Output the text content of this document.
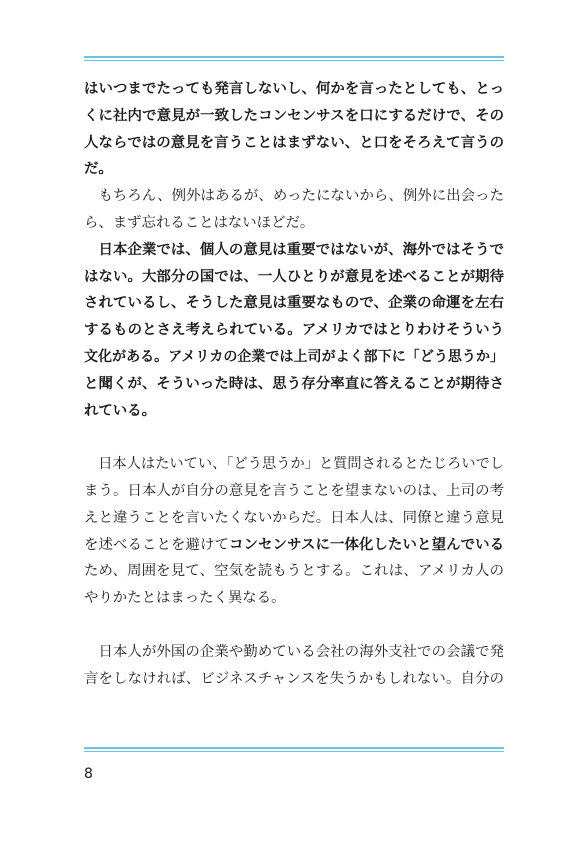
はいつまでたっても発言しないし、何かを言ったとしても、とっ
くに社内で意見が一致したコンセンサスを口にするだけで、その
人ならではの意見を言うことはまずない、と口をそろえて言うの
だ。
　もちろん、例外はあるが、めったにないから、例外に出会った
ら、まず忘れることはないほどだ。
　日本企業では、個人の意見は重要ではないが、海外ではそうで
はない。大部分の国では、一人ひとりが意見を述べることが期待
されているし、そうした意見は重要なもので、企業の命運を左右
するものとさえ考えられている。アメリカではとりわけそういう
文化がある。アメリカの企業では上司がよく部下に「どう思うか」
と聞くが、そういった時は、思う存分率直に答えることが期待さ
れている。
　日本人はたいてい、「どう思うか」と質問されるとたじろいでし
まう。日本人が自分の意見を言うことを望まないのは、上司の考
えと違うことを言いたくないからだ。日本人は、同僚と違う意見
を述べることを避けてコンセンサスに一体化したいと望んでいる
ため、周囲を見て、空気を読もうとする。これは、アメリカ人の
やりかたとはまったく異なる。
　日本人が外国の企業や勤めている会社の海外支社での会議で発
言をしなければ、ビジネスチャンスを失うかもしれない。自分の
8
